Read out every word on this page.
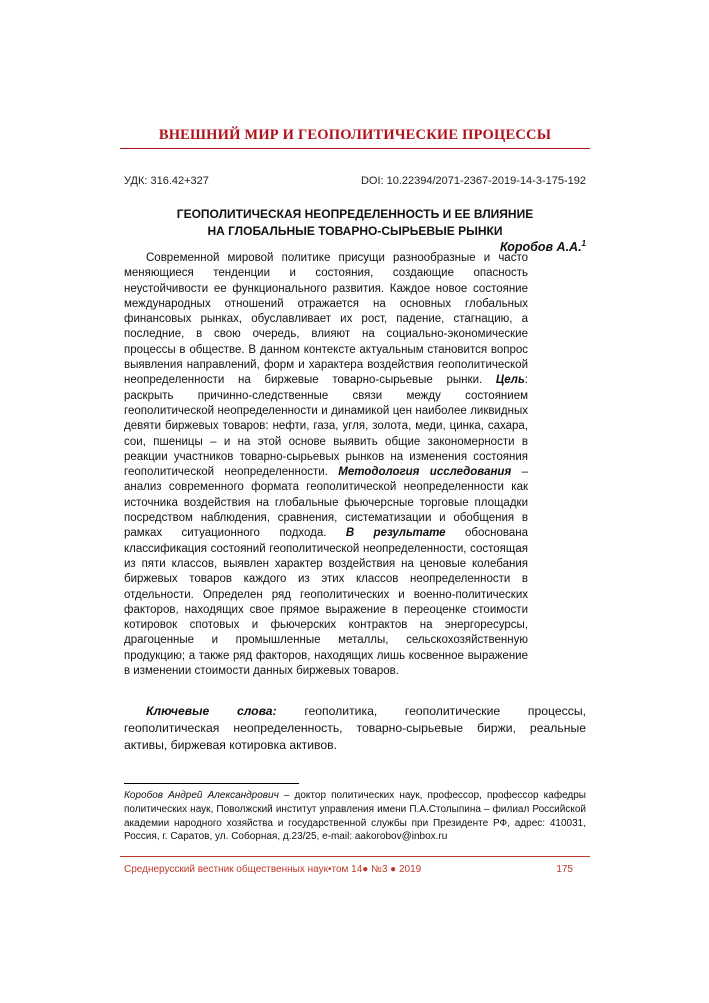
ВНЕШНИЙ МИР И ГЕОПОЛИТИЧЕСКИЕ ПРОЦЕССЫ
УДК: 316.42+327	DOI: 10.22394/2071-2367-2019-14-3-175-192
ГЕОПОЛИТИЧЕСКАЯ НЕОПРЕДЕЛЕННОСТЬ И ЕЕ ВЛИЯНИЕ
НА ГЛОБАЛЬНЫЕ ТОВАРНО-СЫРЬЕВЫЕ РЫНКИ
Коробов А.А.$^1$
Современной мировой политике присущи разнообразные и часто меняющиеся тенденции и состояния, создающие опасность неустойчивости ее функционального развития. Каждое новое состояние международных отношений отражается на основных глобальных финансовых рынках, обуславливает их рост, падение, стагнацию, а последние, в свою очередь, влияют на социально-экономические процессы в обществе. В данном контексте актуальным становится вопрос выявления направлений, форм и характера воздействия геополитической неопределенности на биржевые товарно-сырьевые рынки. Цель: раскрыть причинно-следственные связи между состоянием геополитической неопределенности и динамикой цен наиболее ликвидных девяти биржевых товаров: нефти, газа, угля, золота, меди, цинка, сахара, сои, пшеницы – и на этой основе выявить общие закономерности в реакции участников товарно-сырьевых рынков на изменения состояния геополитической неопределенности. Методология исследования – анализ современного формата геополитической неопределенности как источника воздействия на глобальные фьючерсные торговые площадки посредством наблюдения, сравнения, систематизации и обобщения в рамках ситуационного подхода. В результате обоснована классификация состояний геополитической неопределенности, состоящая из пяти классов, выявлен характер воздействия на ценовые колебания биржевых товаров каждого из этих классов неопределенности в отдельности. Определен ряд геополитических и военно-политических факторов, находящих свое прямое выражение в переоценке стоимости котировок спотовых и фьючерских контрактов на энергоресурсы, драгоценные и промышленные металлы, сельскохозяйственную продукцию; а также ряд факторов, находящих лишь косвенное выражение в изменении стоимости данных биржевых товаров.
Ключевые слова: геополитика, геополитические процессы, геополитическая неопределенность, товарно-сырьевые биржи, реальные активы, биржевая котировка активов.
Коробов Андрей Александрович – доктор политических наук, профессор, профессор кафедры политических наук, Поволжский институт управления имени П.А.Столыпина – филиал Российской академии народного хозяйства и государственной службы при Президенте РФ, адрес: 410031, Россия, г. Саратов, ул. Соборная, д.23/25, e-mail: aakorobov@inbox.ru
Среднерусский вестник общественных наук•том 14● №3 ● 2019	175
